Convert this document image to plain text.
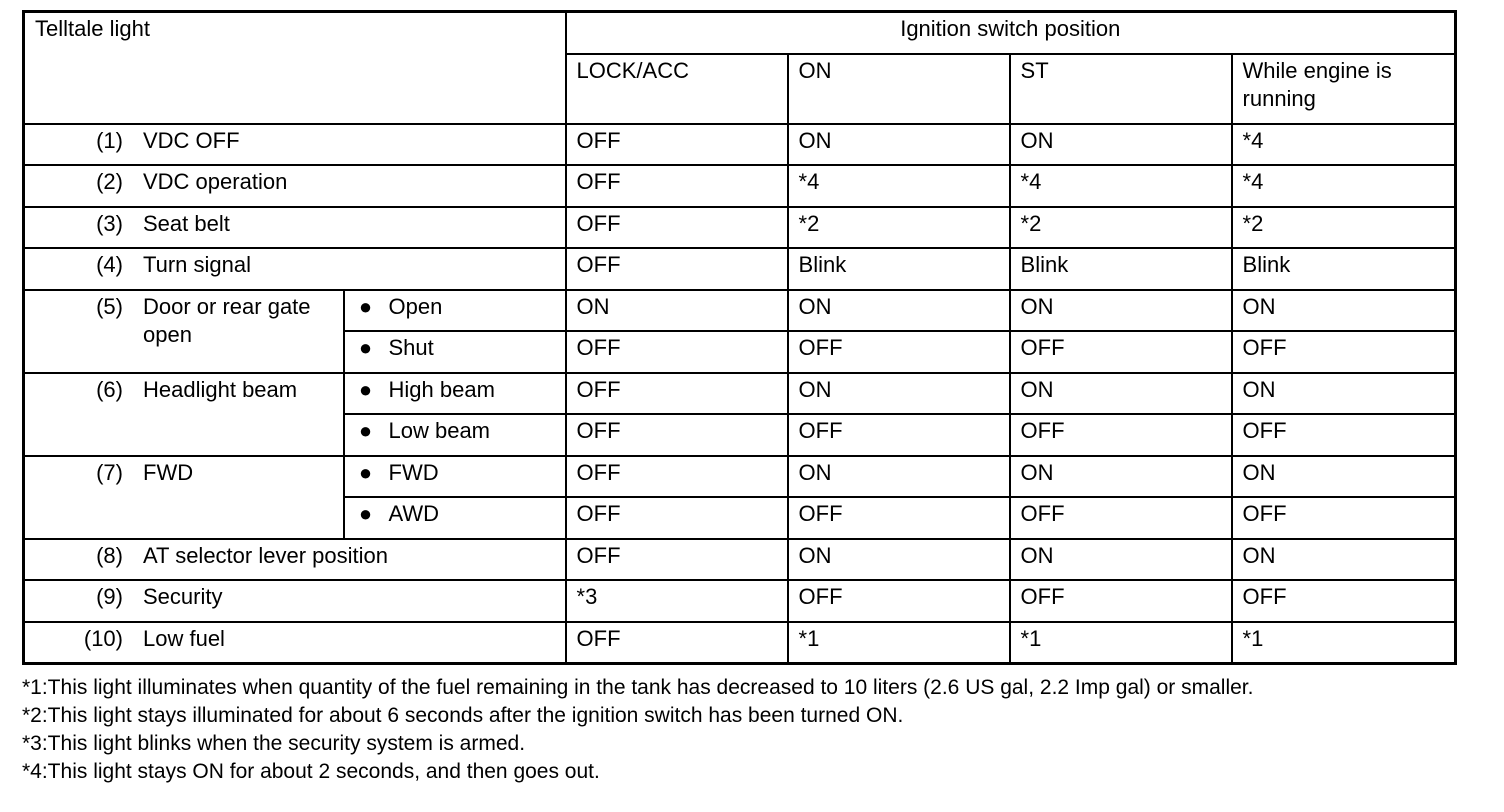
Telltale light		Ignition switch position			
		LOCK/ACC	ON	ST	While engine is running

(1) VDC OFF		OFF	ON	ON	*4

(2) VDC operation		OFF	*4	*4	*4

(3) Seat belt		OFF	*2	*2	*2

(4) Turn signal		OFF	Blink	Blink	Blink

(5) Door or rear gate open	● Open	ON	ON	ON	ON
	● Shut	OFF	OFF	OFF	OFF

(6) Headlight beam	● High beam	OFF	ON	ON	ON
	● Low beam	OFF	OFF	OFF	OFF

(7) FWD	● FWD	OFF	ON	ON	ON
	● AWD	OFF	OFF	OFF	OFF

(8) AT selector lever position		OFF	ON	ON	ON

(9) Security		*3	OFF	OFF	OFF

(10) Low fuel		OFF	*1	*1	*1
*1:This light illuminates when quantity of the fuel remaining in the tank has decreased to 10 liters (2.6 US gal, 2.2 Imp gal) or smaller.
*2:This light stays illuminated for about 6 seconds after the ignition switch has been turned ON.
*3:This light blinks when the security system is armed.
*4:This light stays ON for about 2 seconds, and then goes out.
